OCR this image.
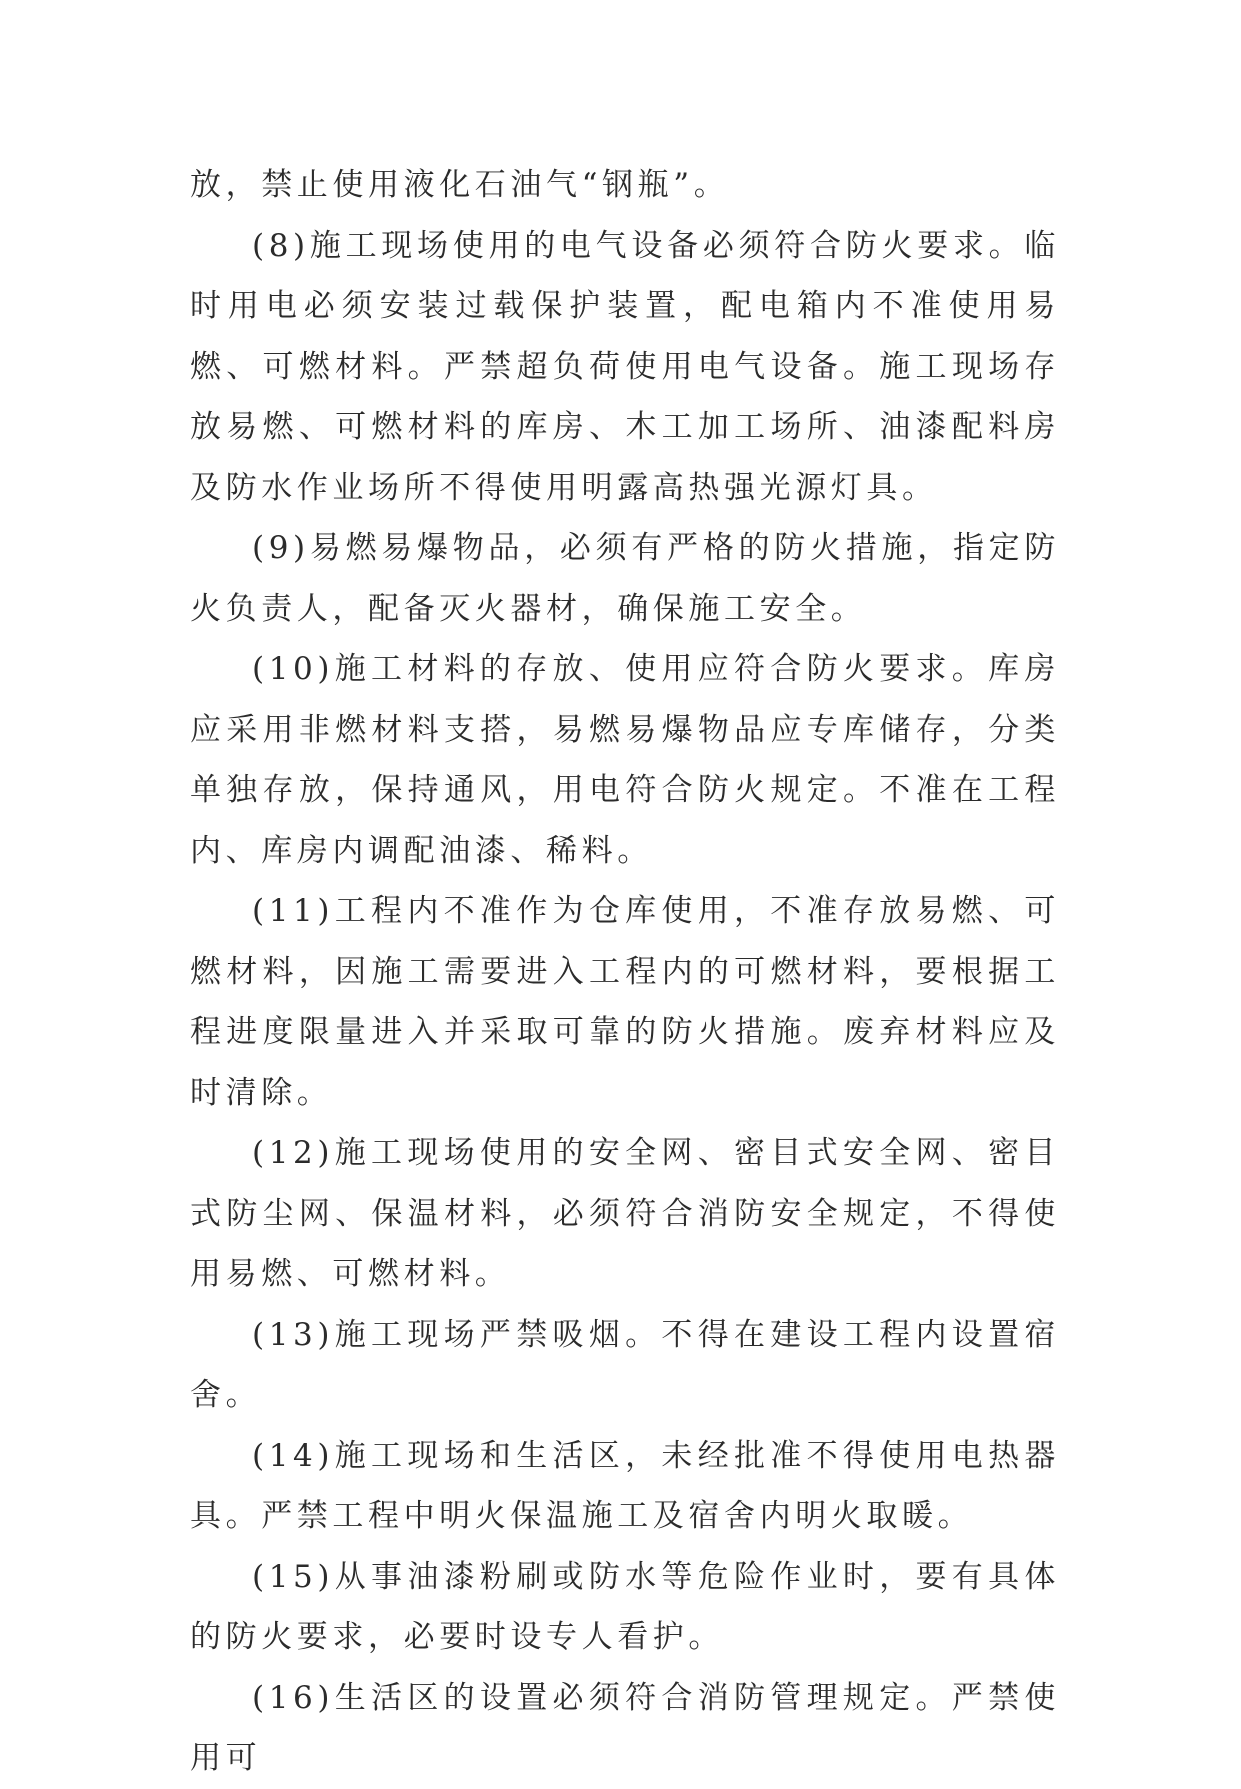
放，禁止使用液化石油气“钢瓶”。

(8)施工现场使用的电气设备必须符合防火要求。临时用电必须安装过载保护装置，配电箱内不准使用易燃、可燃材料。严禁超负荷使用电气设备。施工现场存放易燃、可燃材料的库房、木工加工场所、油漆配料房及防水作业场所不得使用明露高热强光源灯具。

(9)易燃易爆物品，必须有严格的防火措施，指定防火负责人，配备灭火器材，确保施工安全。

(10)施工材料的存放、使用应符合防火要求。库房应采用非燃材料支搭，易燃易爆物品应专库储存，分类单独存放，保持通风，用电符合防火规定。不准在工程内、库房内调配油漆、稀料。

(11)工程内不准作为仓库使用，不准存放易燃、可燃材料，因施工需要进入工程内的可燃材料，要根据工程进度限量进入并采取可靠的防火措施。废弃材料应及时清除。

(12)施工现场使用的安全网、密目式安全网、密目式防尘网、保温材料，必须符合消防安全规定，不得使用易燃、可燃材料。

(13)施工现场严禁吸烟。不得在建设工程内设置宿舍。

(14)施工现场和生活区，未经批准不得使用电热器具。严禁工程中明火保温施工及宿舍内明火取暖。

(15)从事油漆粉刷或防水等危险作业时，要有具体的防火要求，必要时设专人看护。

(16)生活区的设置必须符合消防管理规定。严禁使用可
